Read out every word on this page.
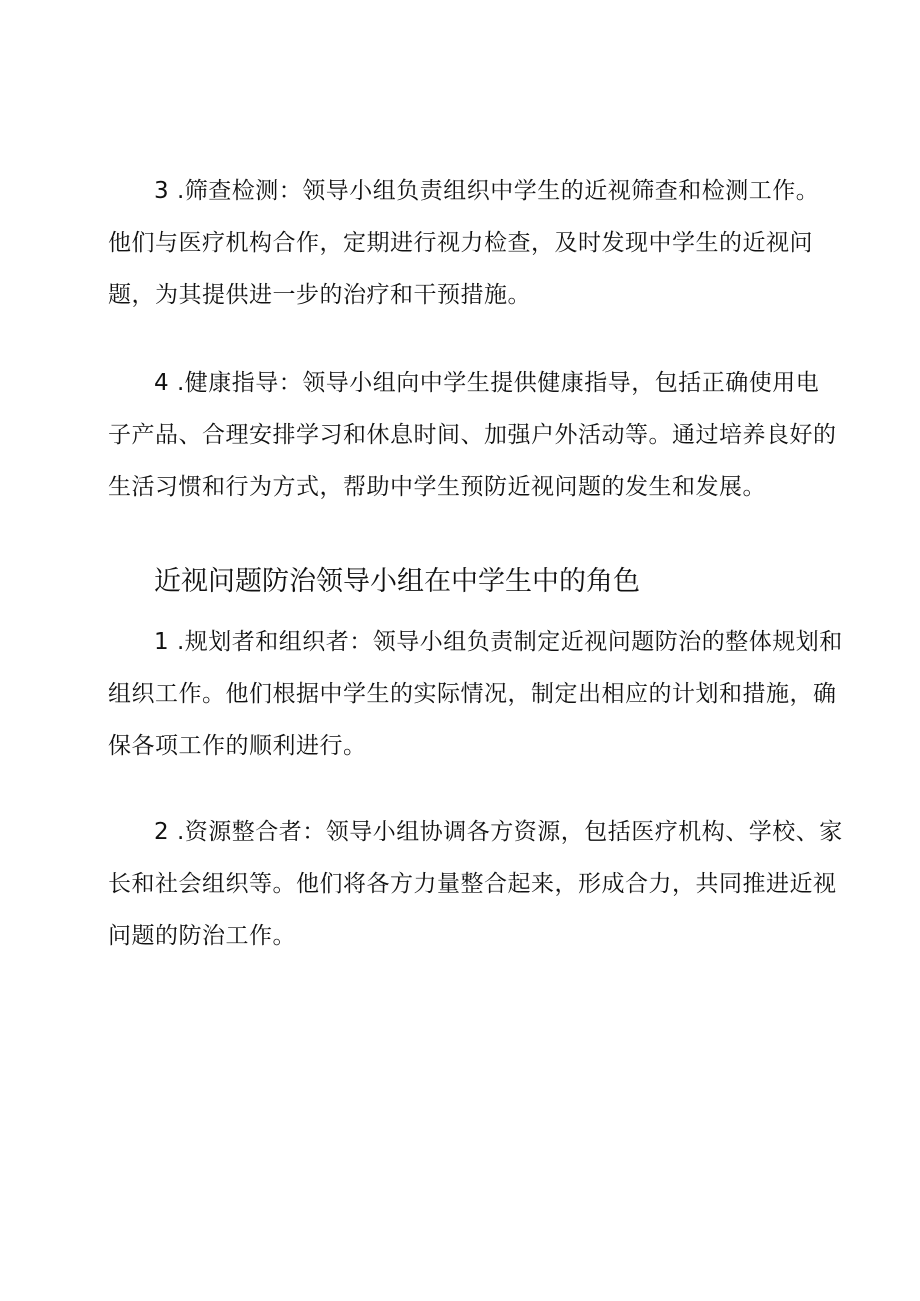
3 .筛查检测：领导小组负责组织中学生的近视筛查和检测工作。
他们与医疗机构合作，定期进行视力检查，及时发现中学生的近视问
题，为其提供进一步的治疗和干预措施。

4 .健康指导：领导小组向中学生提供健康指导，包括正确使用电
子产品、合理安排学习和休息时间、加强户外活动等。通过培养良好的
生活习惯和行为方式，帮助中学生预防近视问题的发生和发展。

近视问题防治领导小组在中学生中的角色

1 .规划者和组织者：领导小组负责制定近视问题防治的整体规划和
组织工作。他们根据中学生的实际情况，制定出相应的计划和措施，确
保各项工作的顺利进行。

2 .资源整合者：领导小组协调各方资源，包括医疗机构、学校、家
长和社会组织等。他们将各方力量整合起来，形成合力，共同推进近视
问题的防治工作。
